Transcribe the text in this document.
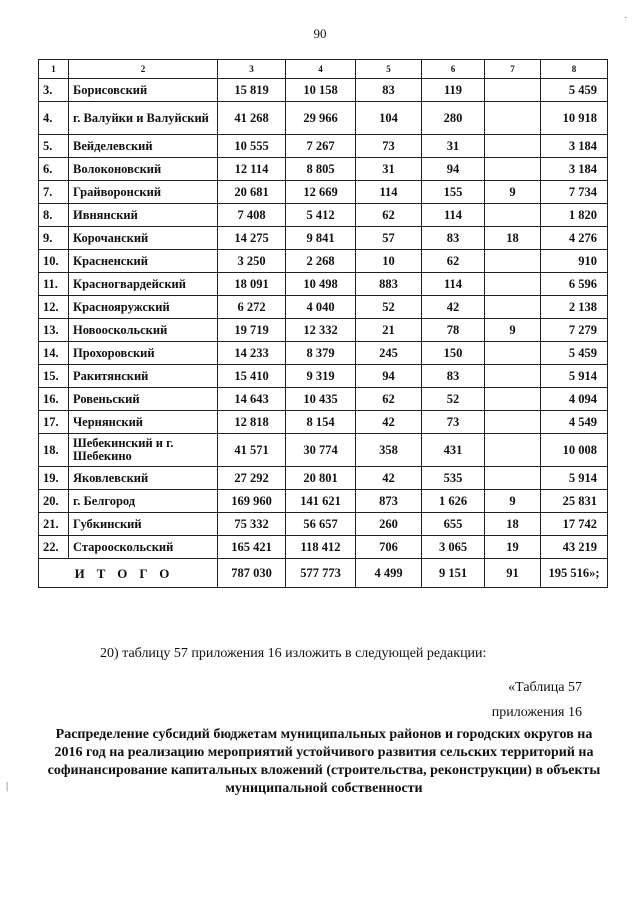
90
1	2	3	4	5	6	7	8
3.	Борисовский	15 819	10 158	83	119		5 459
4.	г. Валуйки и Валуйский	41 268	29 966	104	280		10 918
5.	Вейделевский	10 555	7 267	73	31		3 184
6.	Волоконовский	12 114	8 805	31	94		3 184
7.	Грайворонский	20 681	12 669	114	155	9	7 734
8.	Ивнянский	7 408	5 412	62	114		1 820
9.	Корочанский	14 275	9 841	57	83	18	4 276
10.	Красненский	3 250	2 268	10	62		910
11.	Красногвардейский	18 091	10 498	883	114		6 596
12.	Краснояружский	6 272	4 040	52	42		2 138
13.	Новооскольский	19 719	12 332	21	78	9	7 279
14.	Прохоровский	14 233	8 379	245	150		5 459
15.	Ракитянский	15 410	9 319	94	83		5 914
16.	Ровеньский	14 643	10 435	62	52		4 094
17.	Чернянский	12 818	8 154	42	73		4 549
18.	Шебекинский и г. Шебекино	41 571	30 774	358	431		10 008
19.	Яковлевский	27 292	20 801	42	535		5 914
20.	г. Белгород	169 960	141 621	873	1 626	9	25 831
21.	Губкинский	75 332	56 657	260	655	18	17 742
22.	Старооскольский	165 421	118 412	706	3 065	19	43 219
ИТОГО		787 030	577 773	4 499	9 151	91	195 516»;
20) таблицу 57 приложения 16 изложить в следующей редакции:
«Таблица 57
приложения 16
Распределение субсидий бюджетам муниципальных районов и городских округов на 2016 год на реализацию мероприятий устойчивого развития сельских территорий на софинансирование капитальных вложений (строительства, реконструкции) в объекты муниципальной собственности
·
|
